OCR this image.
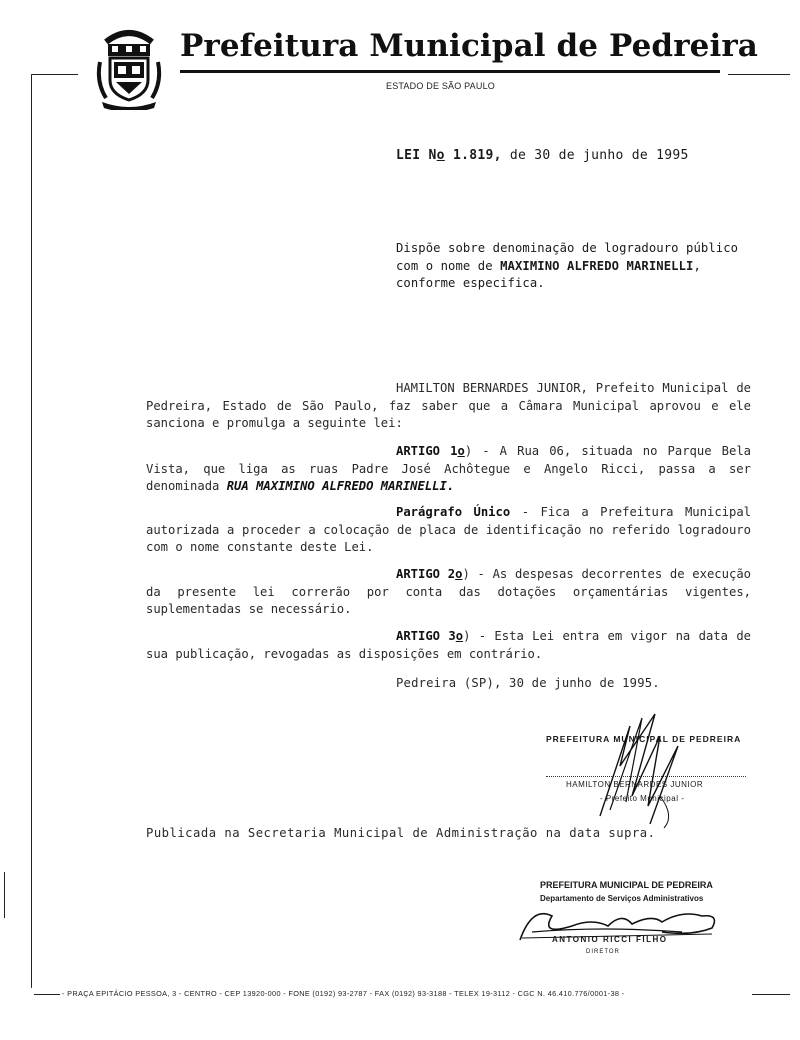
Prefeitura Municipal de Pedreira
ESTADO DE SÃO PAULO
LEI No 1.819, de 30 de junho de 1995
Dispõe sobre denominação de logradouro público com o nome de MAXIMINO ALFREDO MARINELLI, conforme especifica.
HAMILTON BERNARDES JUNIOR, Prefeito Municipal de Pedreira, Estado de São Paulo, faz saber que a Câmara Municipal aprovou e ele sanciona e promulga a seguinte lei:
ARTIGO 1o) - A Rua 06, situada no Parque Bela Vista, que liga as ruas Padre José Achôtegue e Angelo Ricci, passa a ser denominada RUA MAXIMINO ALFREDO MARINELLI.
Parágrafo Único - Fica a Prefeitura Municipal autorizada a proceder a colocação de placa de identificação no referido logradouro com o nome constante deste Lei.
ARTIGO 2o) - As despesas decorrentes de execução da presente lei correrão por conta das dotações orçamentárias vigentes, suplementadas se necessário.
ARTIGO 3o) - Esta Lei entra em vigor na data de sua publicação, revogadas as disposições em contrário.
Pedreira (SP), 30 de junho de 1995.
PREFEITURA MUNICIPAL DE PEDREIRA
HAMILTON BERNARDES JUNIOR
- Prefeito Municipal -
Publicada na Secretaria Municipal de Administração na data supra.
PREFEITURA MUNICIPAL DE PEDREIRA
Departamento de Serviços Administrativos
ANTONIO RICCI FILHO
DIRETOR
- PRAÇA EPITÁCIO PESSOA, 3 - CENTRO - CEP 13920-000 - FONE (0192) 93-2787 - FAX (0192) 93-3188 - TELEX 19-3112 - CGC N. 46.410.776/0001-38 -
